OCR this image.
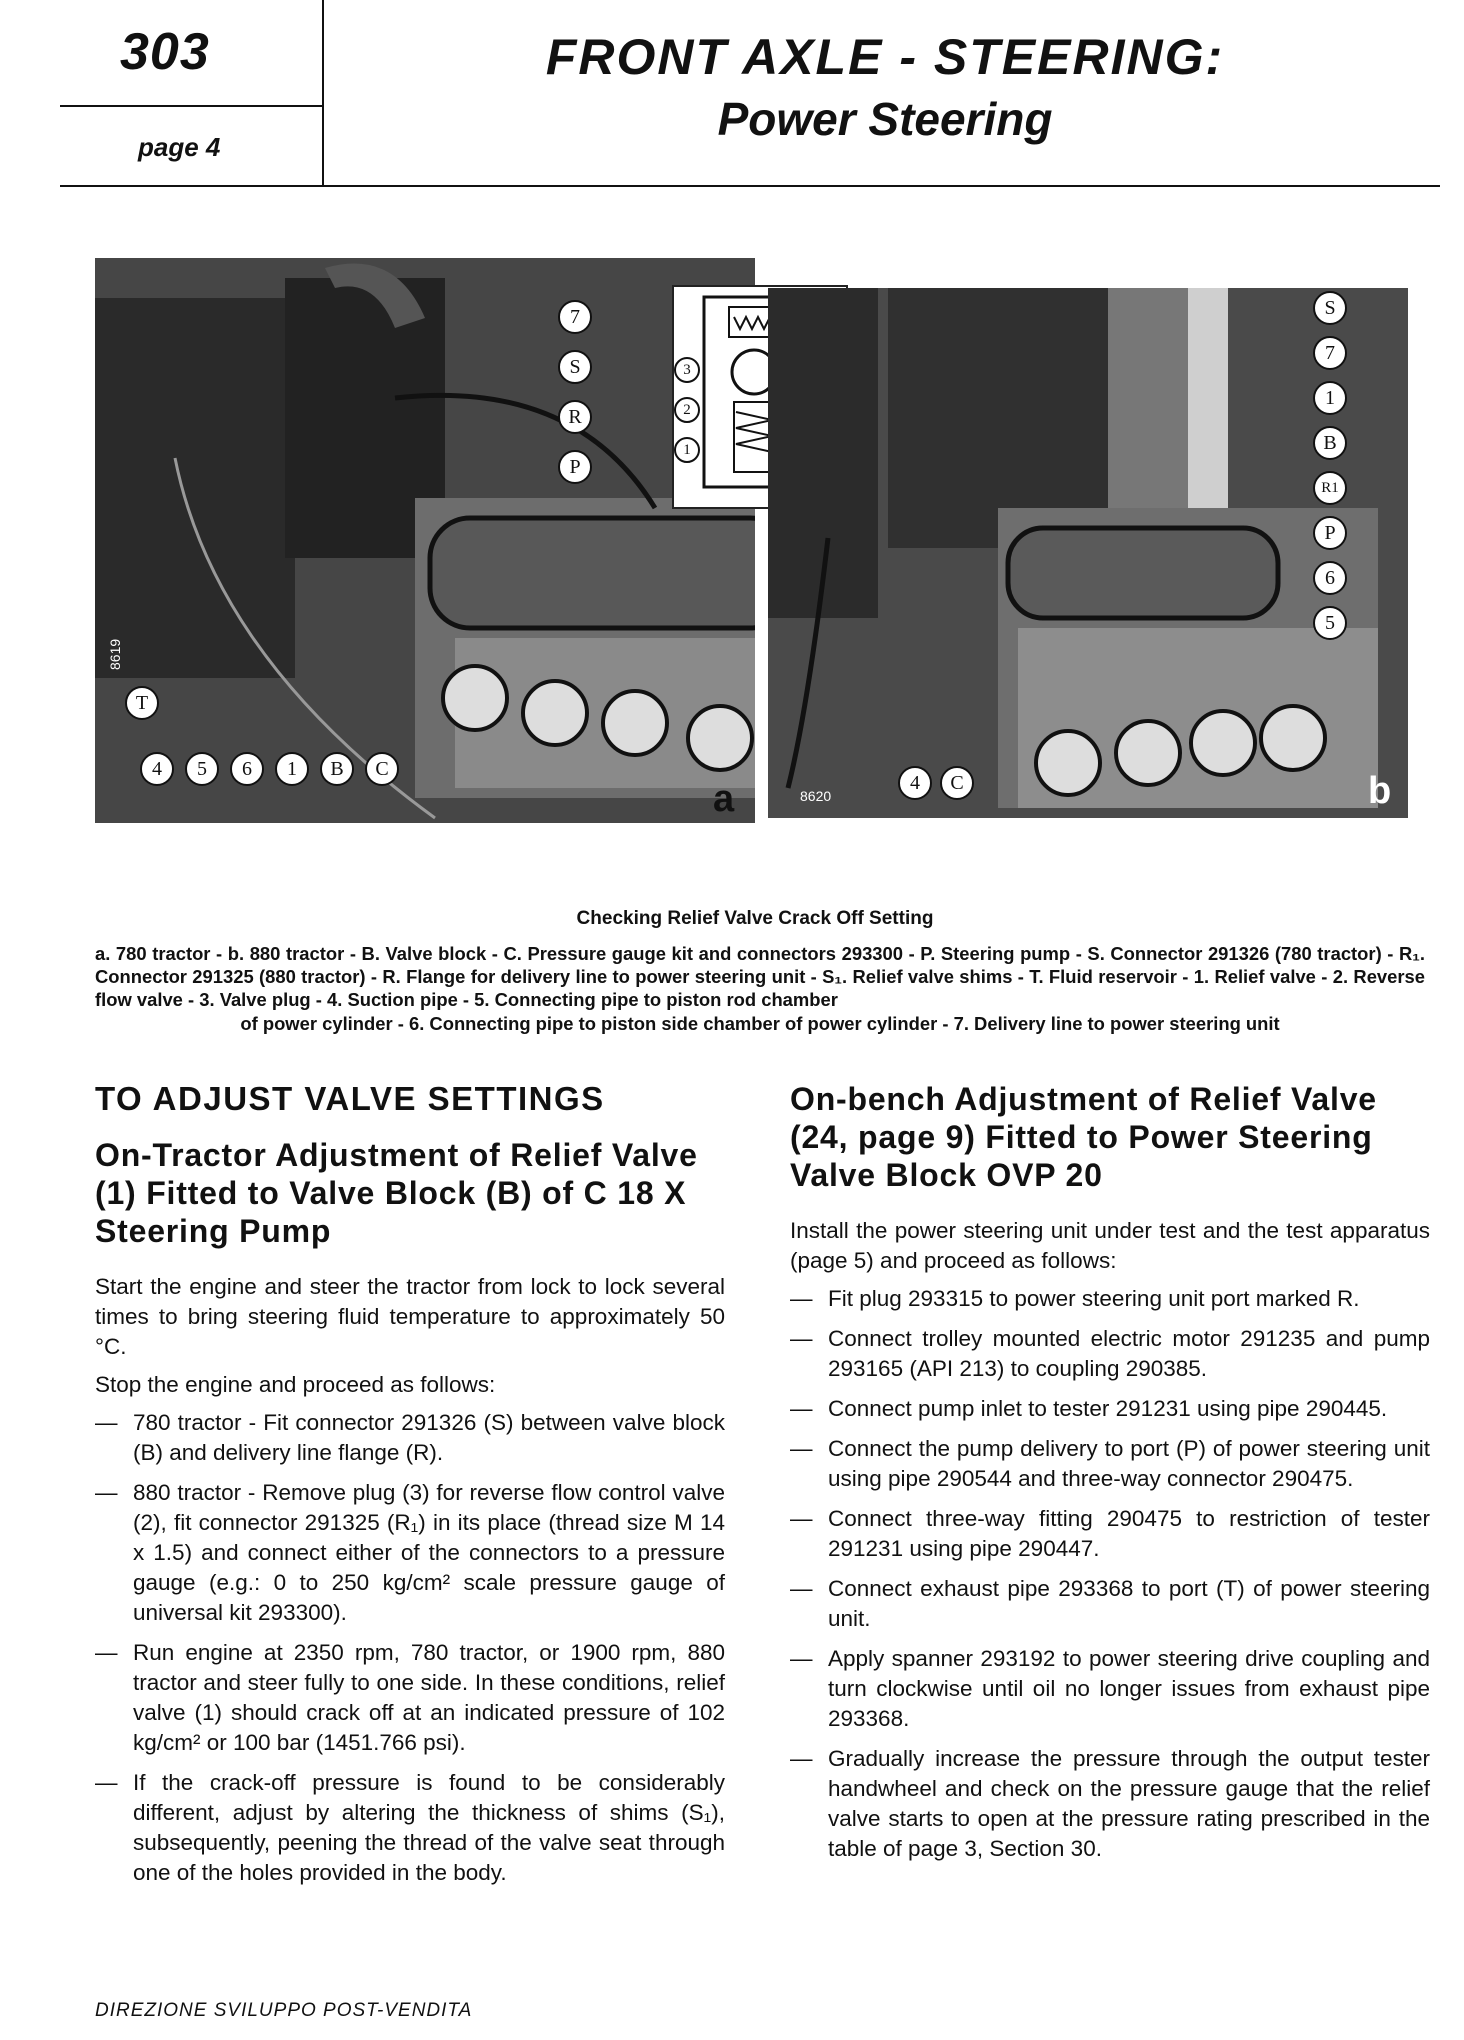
303
page 4
FRONT AXLE - STEERING:
Power Steering
7
S
R
P
T
4	5	6	1	B	C
8619
a
3
2
1
S
7
1
B
R1
P
6
5
4	C
8620	b
Checking Relief Valve Crack Off Setting
a. 780 tractor - b. 880 tractor - B. Valve block - C. Pressure gauge kit and connectors 293300 - P. Steering pump - S. Connector 291326 (780 tractor) - R₁. Connector 291325 (880 tractor) - R. Flange for delivery line to power steering unit - S₁. Relief valve shims - T. Fluid reservoir - 1. Relief valve - 2. Reverse flow valve - 3. Valve plug - 4. Suction pipe - 5. Connecting pipe to piston rod chamber
of power cylinder - 6. Connecting pipe to piston side chamber of power cylinder - 7. Delivery line to power steering unit
TO ADJUST VALVE SETTINGS
On-Tractor Adjustment of Relief Valve (1) Fitted to Valve Block (B) of C 18 X Steering Pump

Start the engine and steer the tractor from lock to lock several times to bring steering fluid temperature to approximately 50 °C.

Stop the engine and proceed as follows:

— 780 tractor - Fit connector 291326 (S) between valve block (B) and delivery line flange (R).
— 880 tractor - Remove plug (3) for reverse flow control valve (2), fit connector 291325 (R₁) in its place (thread size M 14 x 1.5) and connect either of the connectors to a pressure gauge (e.g.: 0 to 250 kg/cm² scale pressure gauge of universal kit 293300).
— Run engine at 2350 rpm, 780 tractor, or 1900 rpm, 880 tractor and steer fully to one side. In these conditions, relief valve (1) should crack off at an indicated pressure of 102 kg/cm² or 100 bar (1451.766 psi).
— If the crack-off pressure is found to be considerably different, adjust by altering the thickness of shims (S₁), subsequently, peening the thread of the valve seat through one of the holes provided in the body.
On-bench Adjustment of Relief Valve (24, page 9) Fitted to Power Steering Valve Block OVP 20

Install the power steering unit under test and the test apparatus (page 5) and proceed as follows:

— Fit plug 293315 to power steering unit port marked R.
— Connect trolley mounted electric motor 291235 and pump 293165 (API 213) to coupling 290385.
— Connect pump inlet to tester 291231 using pipe 290445.
— Connect the pump delivery to port (P) of power steering unit using pipe 290544 and three-way connector 290475.
— Connect three-way fitting 290475 to restriction of tester 291231 using pipe 290447.
— Connect exhaust pipe 293368 to port (T) of power steering unit.
— Apply spanner 293192 to power steering drive coupling and turn clockwise until oil no longer issues from exhaust pipe 293368.
— Gradually increase the pressure through the output tester handwheel and check on the pressure gauge that the relief valve starts to open at the pressure rating prescribed in the table of page 3, Section 30.
DIREZIONE SVILUPPO POST-VENDITA
